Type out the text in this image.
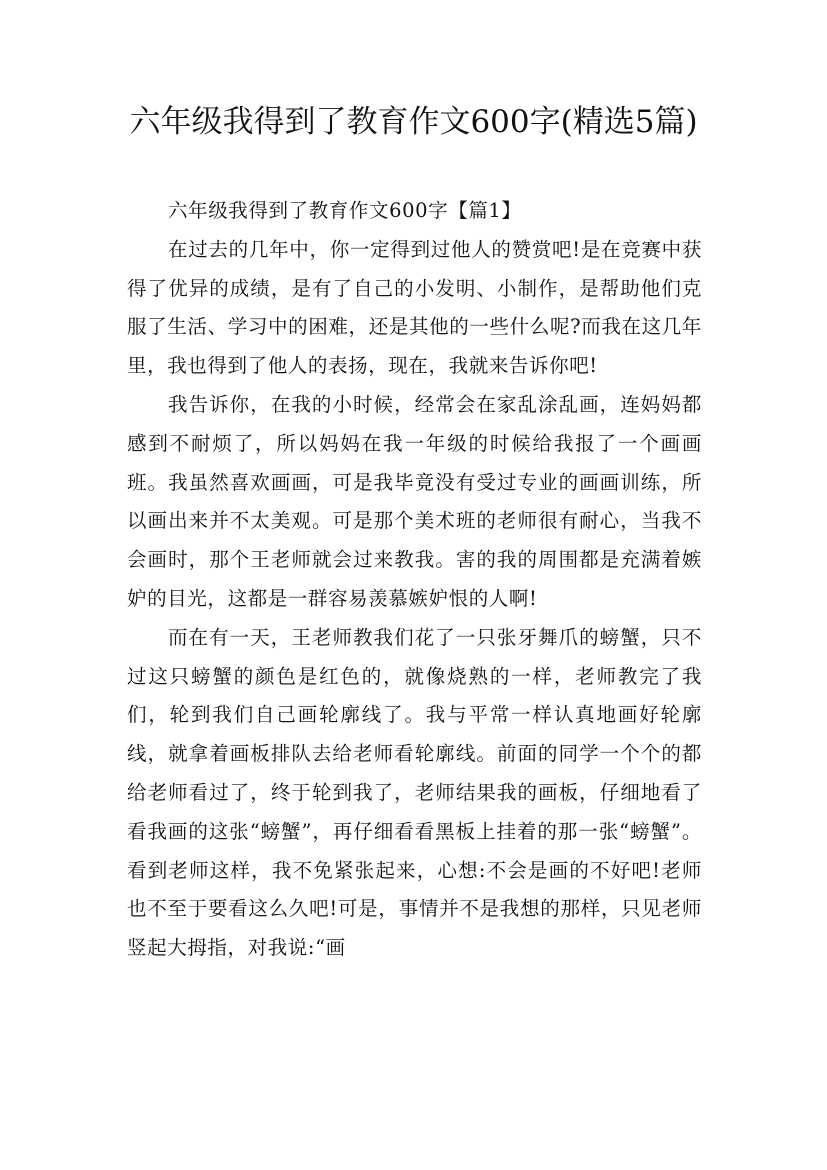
六年级我得到了教育作文600字(精选5篇)

六年级我得到了教育作文600字【篇1】

在过去的几年中，你一定得到过他人的赞赏吧!是在竞赛中获得了优异的成绩，是有了自己的小发明、小制作，是帮助他们克服了生活、学习中的困难，还是其他的一些什么呢?而我在这几年里，我也得到了他人的表扬，现在，我就来告诉你吧!

我告诉你，在我的小时候，经常会在家乱涂乱画，连妈妈都感到不耐烦了，所以妈妈在我一年级的时候给我报了一个画画班。我虽然喜欢画画，可是我毕竟没有受过专业的画画训练，所以画出来并不太美观。可是那个美术班的老师很有耐心，当我不会画时，那个王老师就会过来教我。害的我的周围都是充满着嫉妒的目光，这都是一群容易羡慕嫉妒恨的人啊!

而在有一天，王老师教我们花了一只张牙舞爪的螃蟹，只不过这只螃蟹的颜色是红色的，就像烧熟的一样，老师教完了我们，轮到我们自己画轮廓线了。我与平常一样认真地画好轮廓线，就拿着画板排队去给老师看轮廓线。前面的同学一个个的都给老师看过了，终于轮到我了，老师结果我的画板，仔细地看了看我画的这张“螃蟹”，再仔细看看黑板上挂着的那一张“螃蟹”。看到老师这样，我不免紧张起来，心想:不会是画的不好吧!老师也不至于要看这么久吧!可是，事情并不是我想的那样，只见老师竖起大拇指，对我说:“画
